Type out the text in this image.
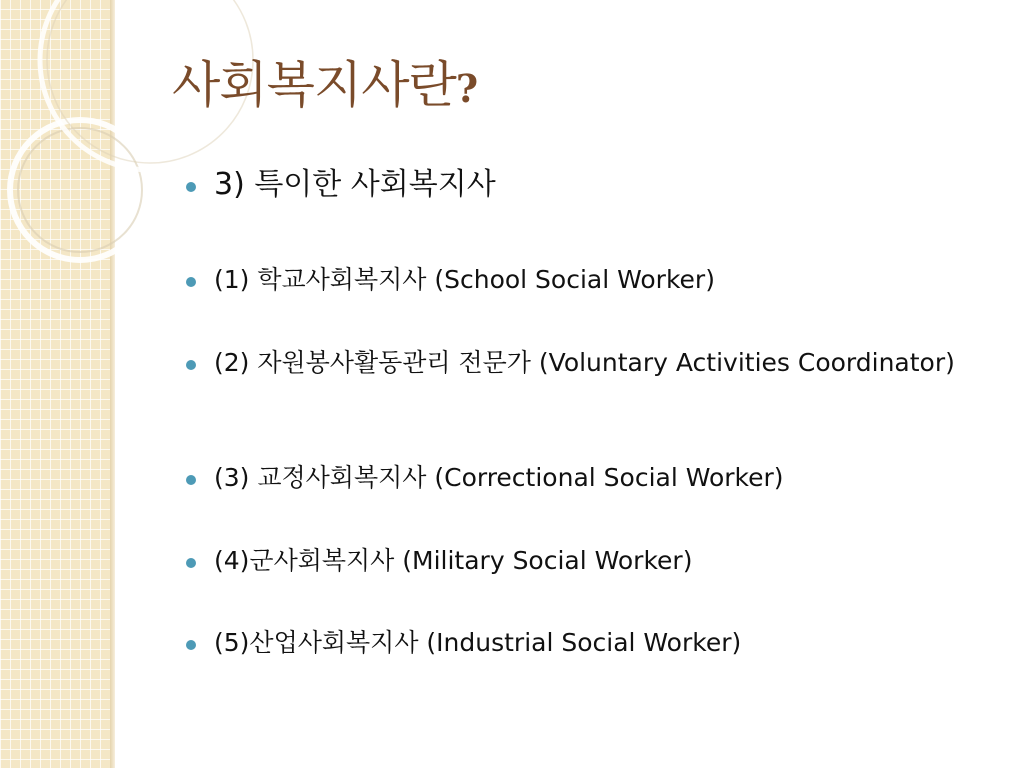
사회복지사란?
3) 특이한 사회복지사
(1) 학교사회복지사 (School Social Worker)
(2) 자원봉사활동관리 전문가 (Voluntary Activities Coordinator)
(3) 교정사회복지사 (Correctional Social Worker)
(4)군사회복지사 (Military Social Worker)
(5)산업사회복지사 (Industrial Social Worker)
